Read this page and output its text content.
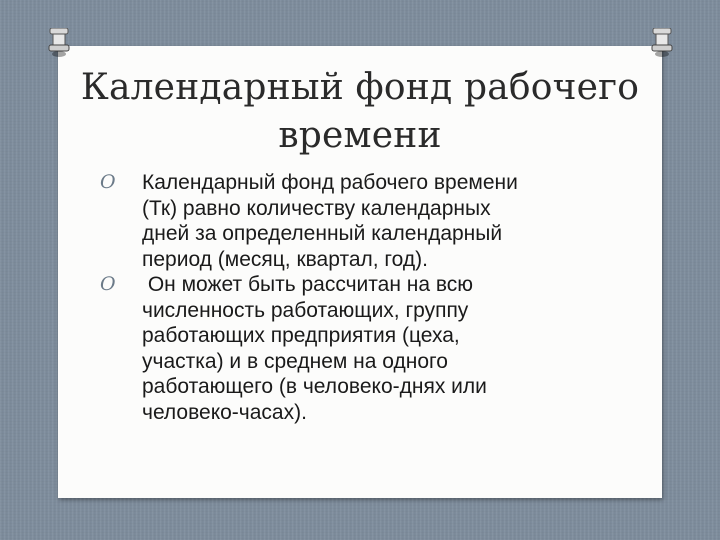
Календарный фонд рабочего
времени
O Календарный фонд рабочего времени
(Тк) равно количеству календарных
дней за определенный календарный
период (месяц, квартал, год).
O Он может быть рассчитан на всю
численность работающих, группу
работающих предприятия (цеха,
участка) и в среднем на одного
работающего (в человеко-днях или
человеко-часах).
